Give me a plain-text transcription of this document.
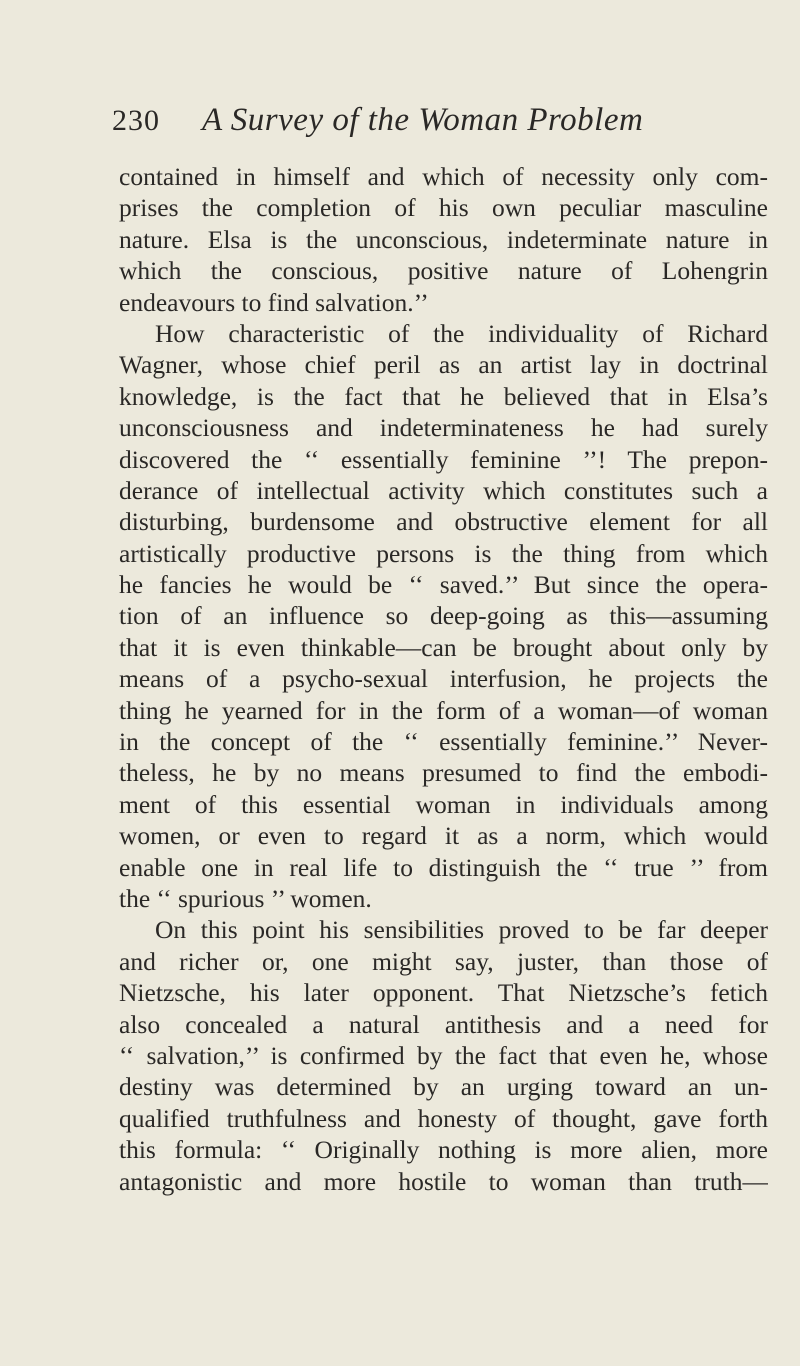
230 A Survey of the Woman Problem
contained in himself and which of necessity only com-
prises the completion of his own peculiar masculine
nature. Elsa is the unconscious, indeterminate nature in
which the conscious, positive nature of Lohengrin
endeavours to find salvation.’’
How characteristic of the individuality of Richard
Wagner, whose chief peril as an artist lay in doctrinal
knowledge, is the fact that he believed that in Elsa’s
unconsciousness and indeterminateness he had surely
discovered the ‘‘ essentially feminine ’’! The prepon-
derance of intellectual activity which constitutes such a
disturbing, burdensome and obstructive element for all
artistically productive persons is the thing from which
he fancies he would be ‘‘ saved.’’ But since the opera-
tion of an influence so deep-going as this—assuming
that it is even thinkable—can be brought about only by
means of a psycho-sexual interfusion, he projects the
thing he yearned for in the form of a woman—of woman
in the concept of the ‘‘ essentially feminine.’’ Never-
theless, he by no means presumed to find the embodi-
ment of this essential woman in individuals among
women, or even to regard it as a norm, which would
enable one in real life to distinguish the ‘‘ true ’’ from
the ‘‘ spurious ’’ women.
On this point his sensibilities proved to be far deeper
and richer or, one might say, juster, than those of
Nietzsche, his later opponent. That Nietzsche’s fetich
also concealed a natural antithesis and a need for
‘‘ salvation,’’ is confirmed by the fact that even he, whose
destiny was determined by an urging toward an un-
qualified truthfulness and honesty of thought, gave forth
this formula: ‘‘ Originally nothing is more alien, more
antagonistic and more hostile to woman than truth—
